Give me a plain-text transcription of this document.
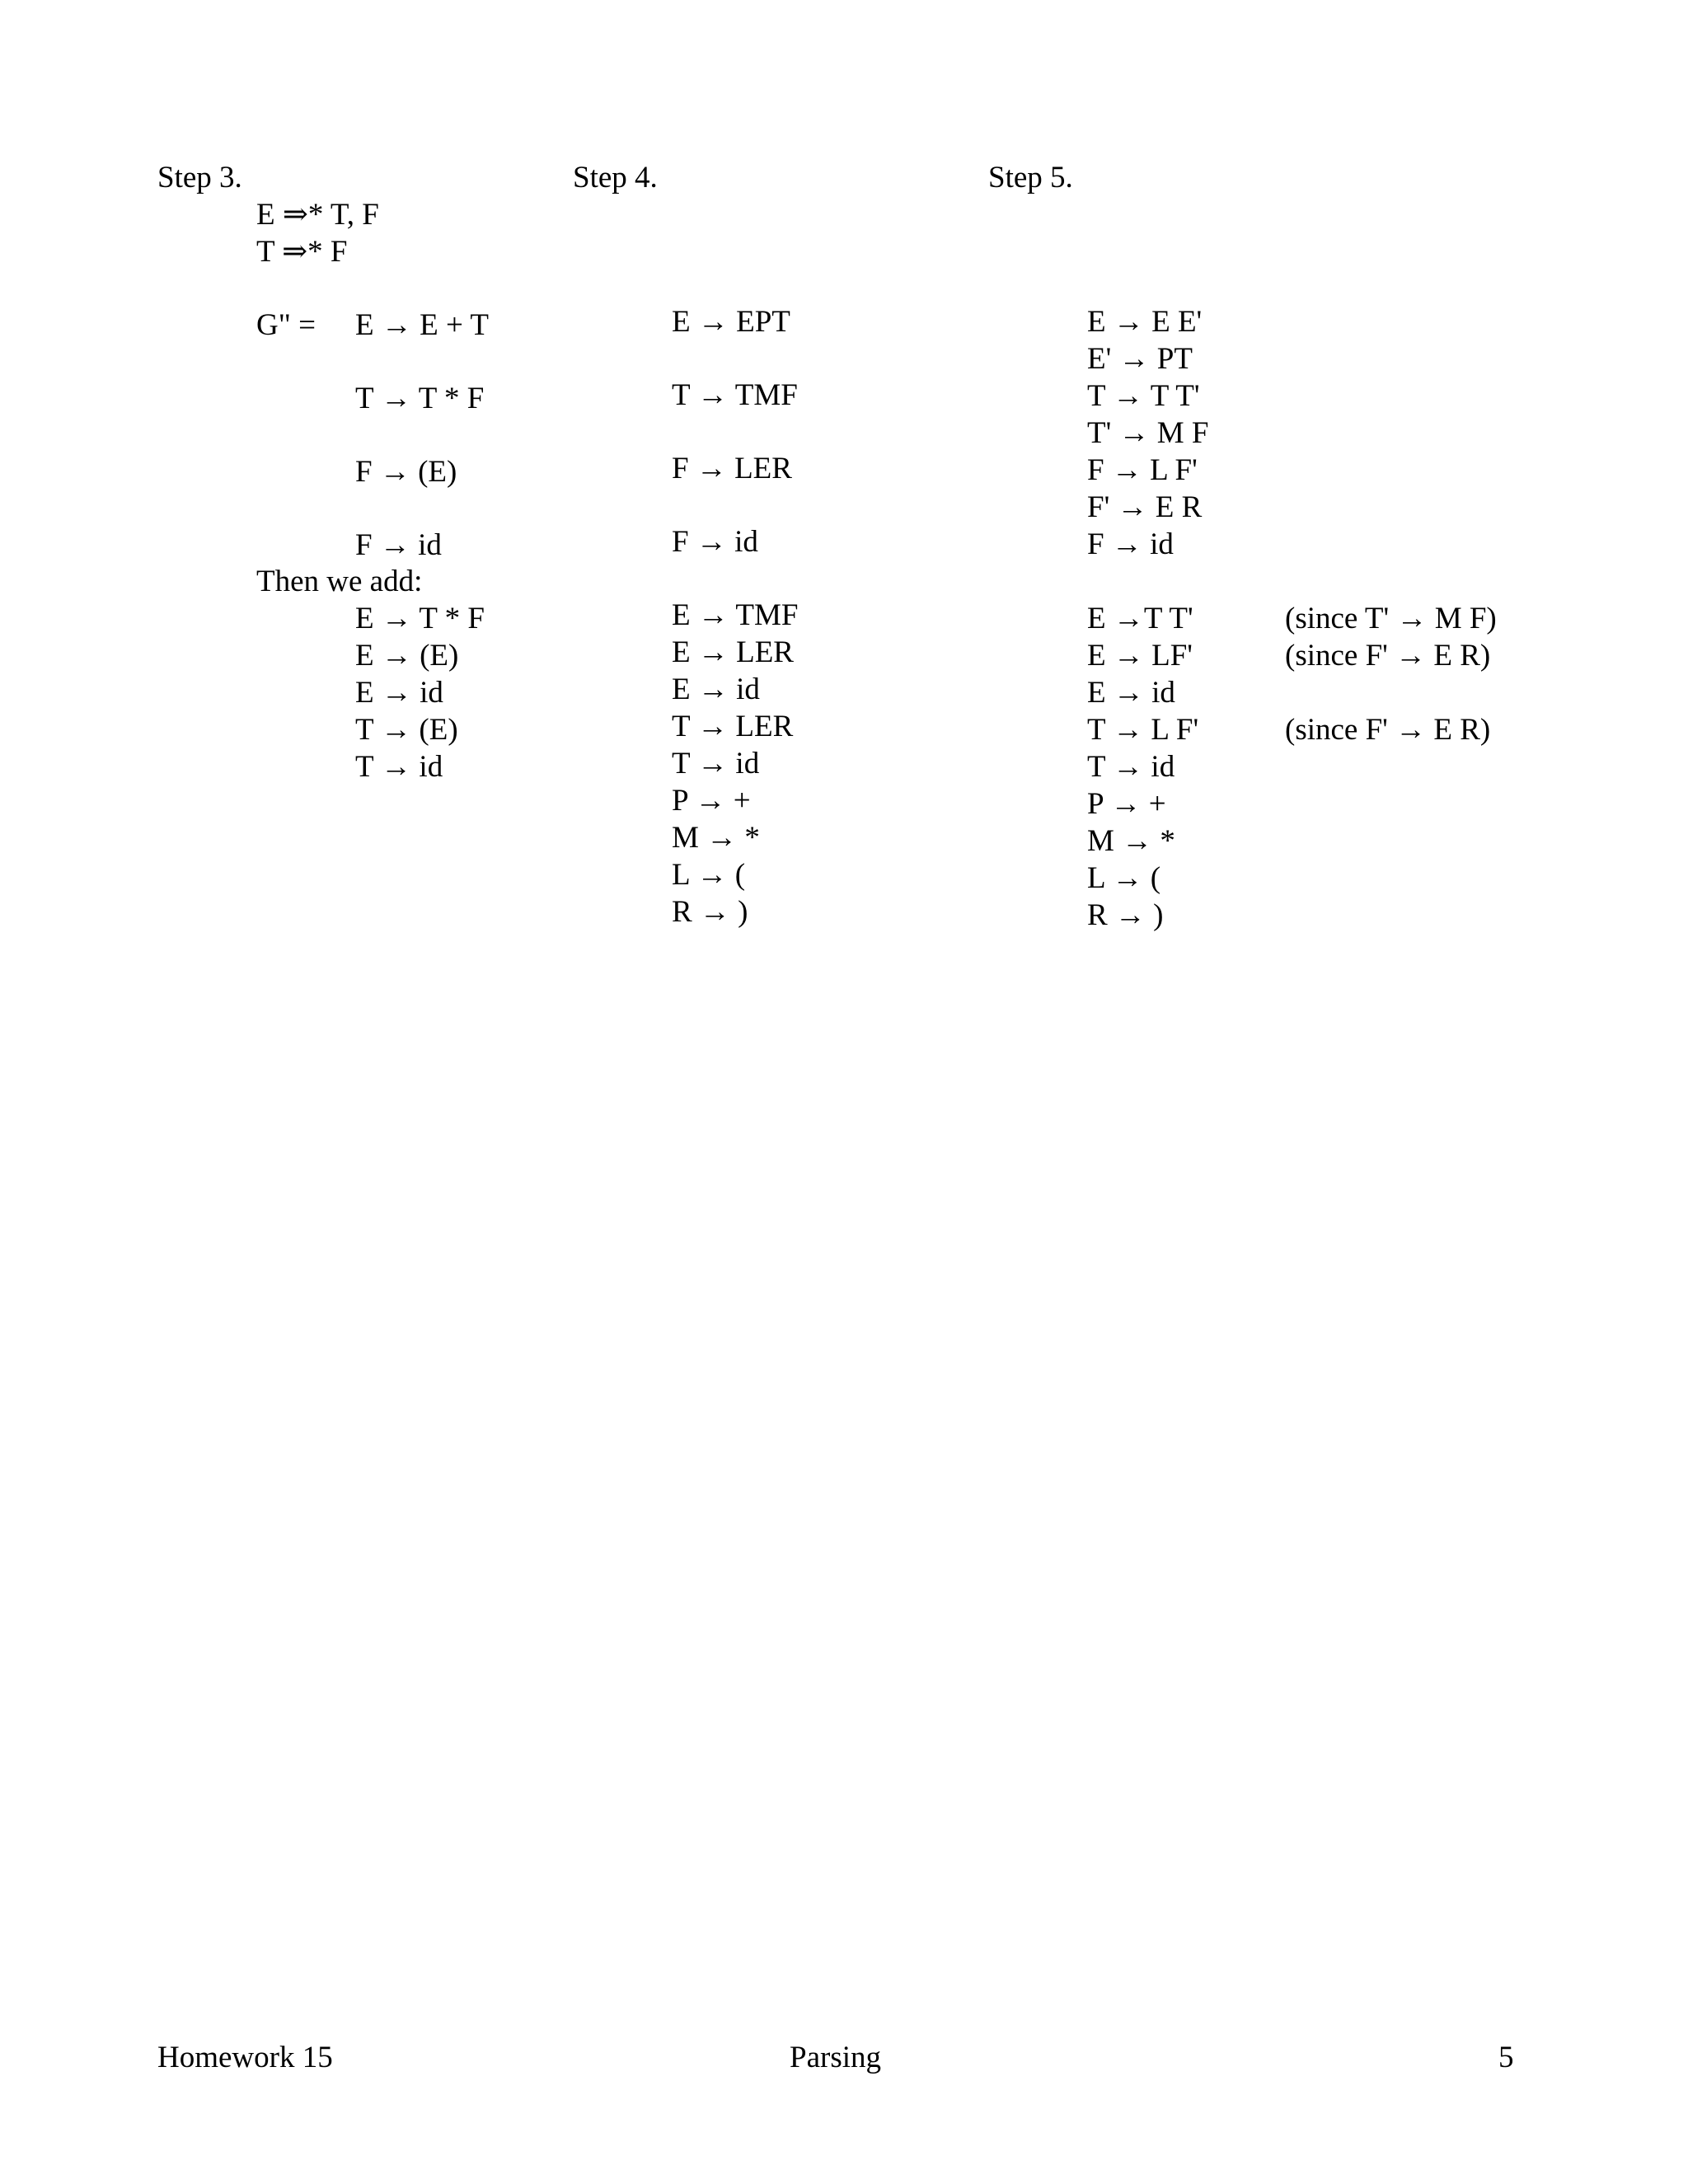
Step 3.
E ⇒* T, F
T ⇒* F
G" = E → E + T
T → T * F
F → (E)
F → id
Then we add:
E → T * F
E → (E)
E → id
T → (E)
T → id
Step 4.
E → EPT
T → TMF
F → LER
F → id
E → TMF
E → LER
E → id
T → LER
T → id
P → +
M → *
L → (
R → )
Step 5.
E → E E'
E' → PT
T → T T'
T' → M F
F → L F'
F' → E R
F → id
E →T T'
E → LF'
E → id
T → L F'
T → id
P → +
M → *
L → (
R → )
(since T' → M F)
(since F' → E R)
(since F' → E R)
Homework 15	Parsing	5
